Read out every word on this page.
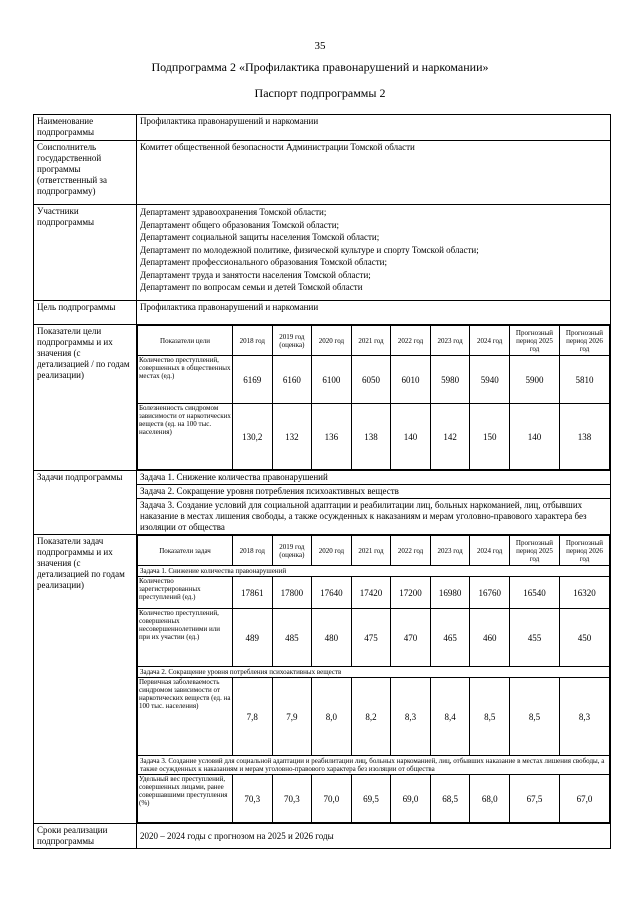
35
Подпрограмма 2 «Профилактика правонарушений и наркомании»
Паспорт подпрограммы 2
Наименование подпрограммы	Профилактика правонарушений и наркомании
Соисполнитель государственной программы (ответственный за подпрограмму)	Комитет общественной безопасности Администрации Томской области
Участники подпрограммы	
Департамент здравоохранения Томской области;
Департамент общего образования Томской области;
Департамент социальной защиты населения Томской области;
Департамент по молодежной политике, физической культуре и спорту Томской области;
Департамент профессионального образования Томской области;
Департамент труда и занятости населения Томской области;
Департамент по вопросам семьи и детей Томской области

Цель подпрограммы	Профилактика правонарушений и наркомании
Показатели цели подпрограммы и их значения (с детализацией / по годам реализации)	
Показатели цели	2018 год	2019 год (оценка)	2020 год	2021 год	2022 год	2023 год	2024 год	Прогнозный период 2025 год	Прогнозный период 2026 год
Количество преступлений, совершенных в общественных местах (ед.)	6169	6160	6100	6050	6010	5980	5940	5900	5810
Болезненность синдромом зависимости от наркотических веществ (ед. на 100 тыс. населения)	130,2	132	136	138	140	142	150	140	138

Задачи подпрограммы	Задача 1. Снижение количества правонарушений
Задача 2. Сокращение уровня потребления психоактивных веществ
Задача 3. Создание условий для социальной адаптации и реабилитации лиц, больных наркоманией, лиц, отбывших наказание в местах лишения свободы, а также осужденных к наказаниям и мерам уголовно-правового характера без изоляции от общества

Показатели задач подпрограммы и их значения (с детализацией по годам реализации)	
Показатели задач	2018 год	2019 год (оценка)	2020 год	2021 год	2022 год	2023 год	2024 год	Прогнозный период 2025 год	Прогнозный период 2026 год
Задача 1. Снижение количества правонарушений
Количество зарегистрированных преступлений (ед.)	17861	17800	17640	17420	17200	16980	16760	16540	16320
Количество преступлений, совершенных несовершеннолетними или при их участии (ед.)	489	485	480	475	470	465	460	455	450
Задача 2. Сокращение уровня потребления психоактивных веществ
Первичная заболеваемость синдромом зависимости от наркотических веществ (ед. на 100 тыс. населения)	7,8	7,9	8,0	8,2	8,3	8,4	8,5	8,5	8,3
Задача 3. Создание условий для социальной адаптации и реабилитации лиц, больных наркоманией, лиц, отбывших наказание в местах лишения свободы, а также осужденных к наказаниям и мерам уголовно-правового характера без изоляции от общества
Удельный вес преступлений, совершенных лицами, ранее совершавшими преступления (%)	70,3	70,3	70,0	69,5	69,0	68,5	68,0	67,5	67,0

Сроки реализации подпрограммы	2020 – 2024 годы с прогнозом на 2025 и 2026 годы
